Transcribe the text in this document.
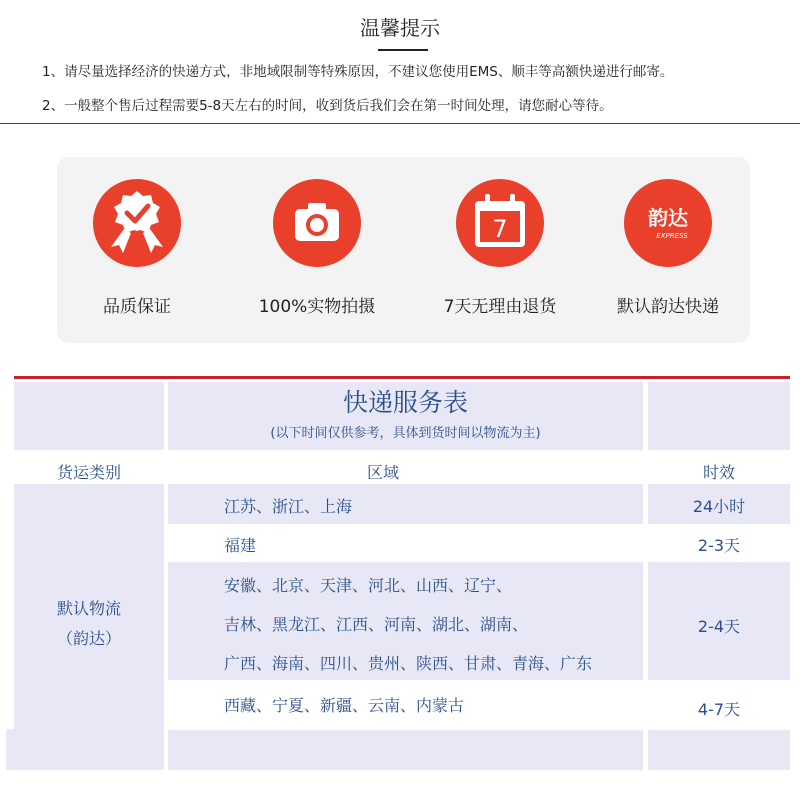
温馨提示
1、请尽量选择经济的快递方式，非地域限制等特殊原因，不建议您使用EMS、顺丰等高额快递进行邮寄。
2、一般整个售后过程需要5-8天左右的时间，收到货后我们会在第一时间处理，请您耐心等待。
品质保证	100%实物拍摄
7
7天无理由退货
韵达
EXPRESS
默认韵达快递
快递服务表
(以下时间仅供参考，具体到货时间以物流为主)
货运类别	区域	时效
默认物流
（韵达）
江苏、浙江、上海	24小时
福建	2-3天
安徽、北京、天津、河北、山西、辽宁、
吉林、黑龙江、江西、河南、湖北、湖南、
广西、海南、四川、贵州、陕西、甘肃、青海、广东
2-4天
西藏、宁夏、新疆、云南、内蒙古	4-7天
